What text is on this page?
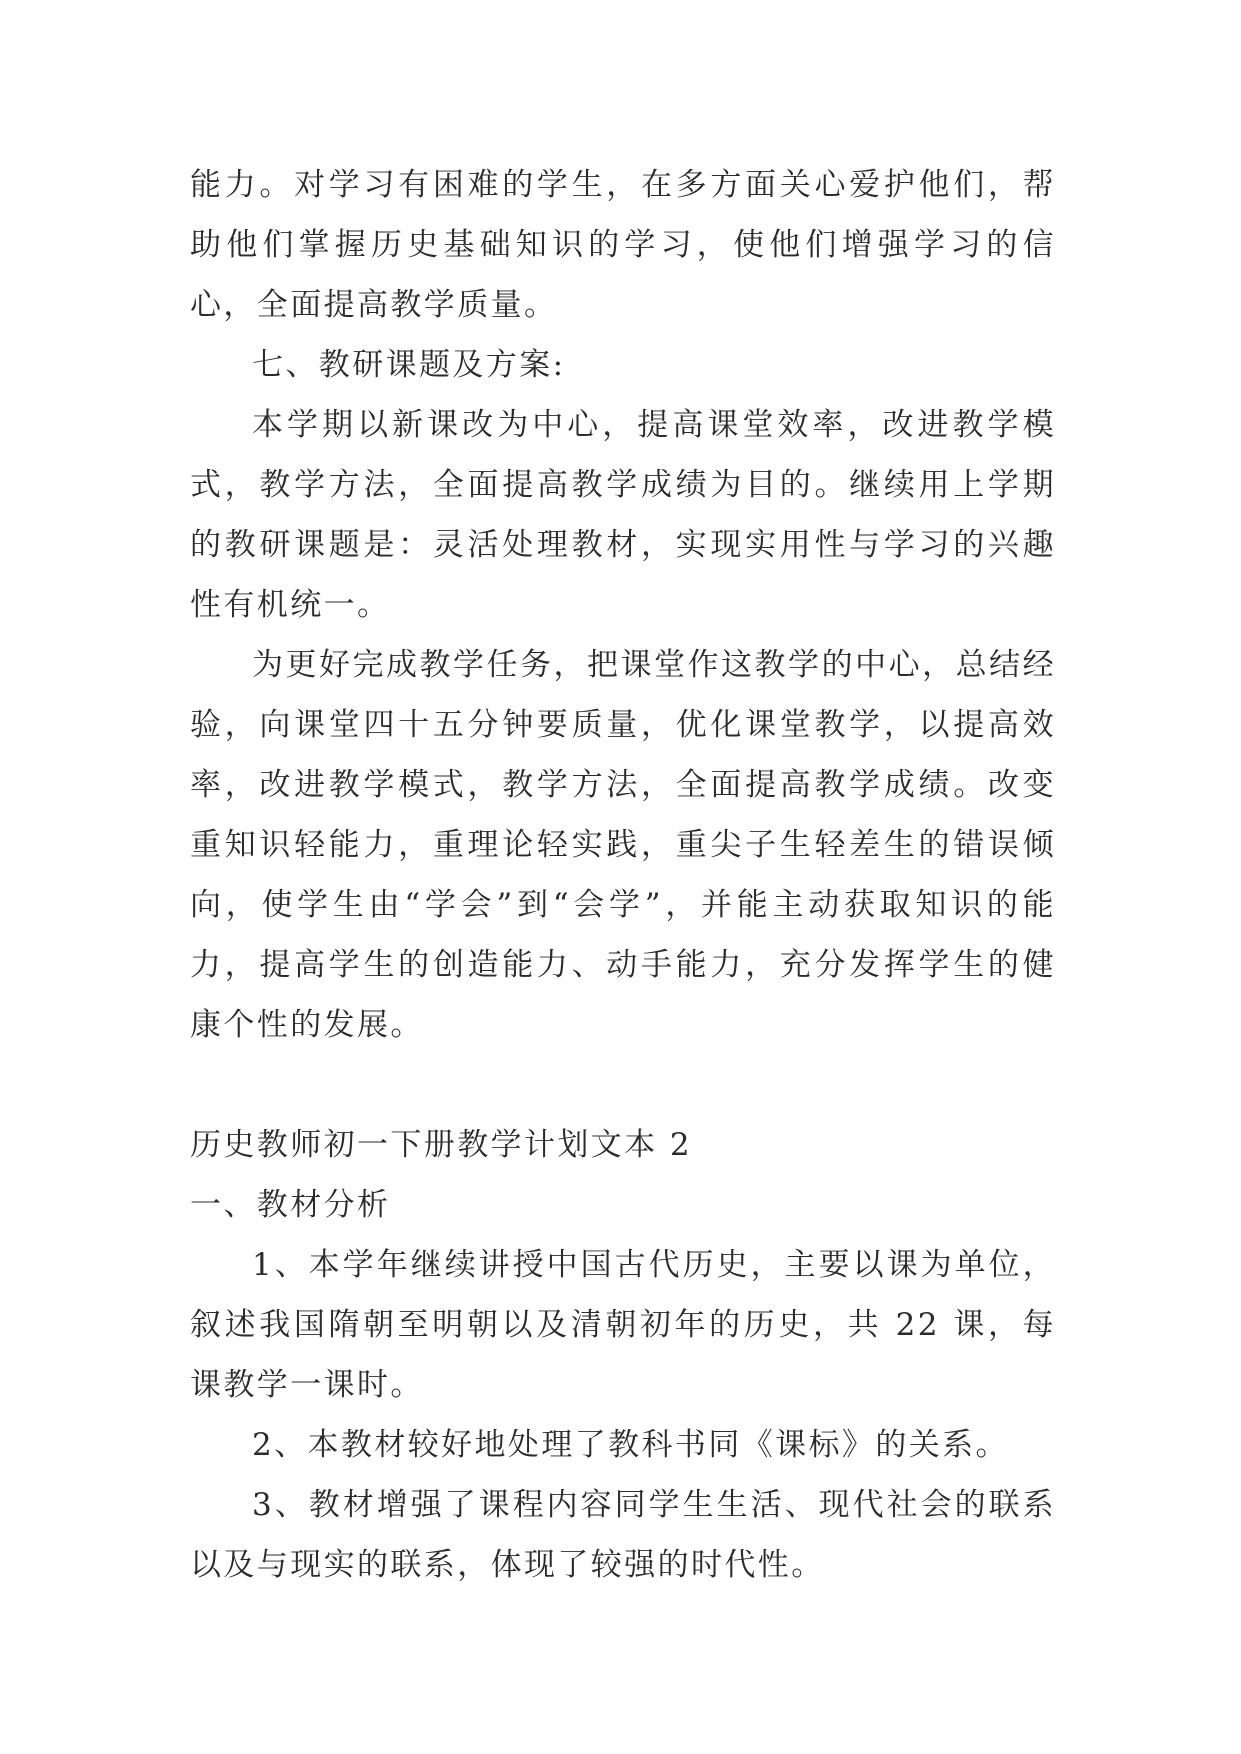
能力。对学习有困难的学生，在多方面关心爱护他们，帮助他们掌握历史基础知识的学习，使他们增强学习的信心，全面提高教学质量。

七、教研课题及方案:

本学期以新课改为中心，提高课堂效率，改进教学模式，教学方法，全面提高教学成绩为目的。继续用上学期的教研课题是：灵活处理教材，实现实用性与学习的兴趣性有机统一。

为更好完成教学任务，把课堂作这教学的中心，总结经验，向课堂四十五分钟要质量，优化课堂教学，以提高效率，改进教学模式，教学方法，全面提高教学成绩。改变重知识轻能力，重理论轻实践，重尖子生轻差生的错误倾向，使学生由“学会”到“会学”，并能主动获取知识的能力，提高学生的创造能力、动手能力，充分发挥学生的健康个性的发展。

历史教师初一下册教学计划文本 2

一、教材分析

1、本学年继续讲授中国古代历史，主要以课为单位，叙述我国隋朝至明朝以及清朝初年的历史，共 22 课，每课教学一课时。

2、本教材较好地处理了教科书同《课标》的关系。

3、教材增强了课程内容同学生生活、现代社会的联系以及与现实的联系，体现了较强的时代性。
